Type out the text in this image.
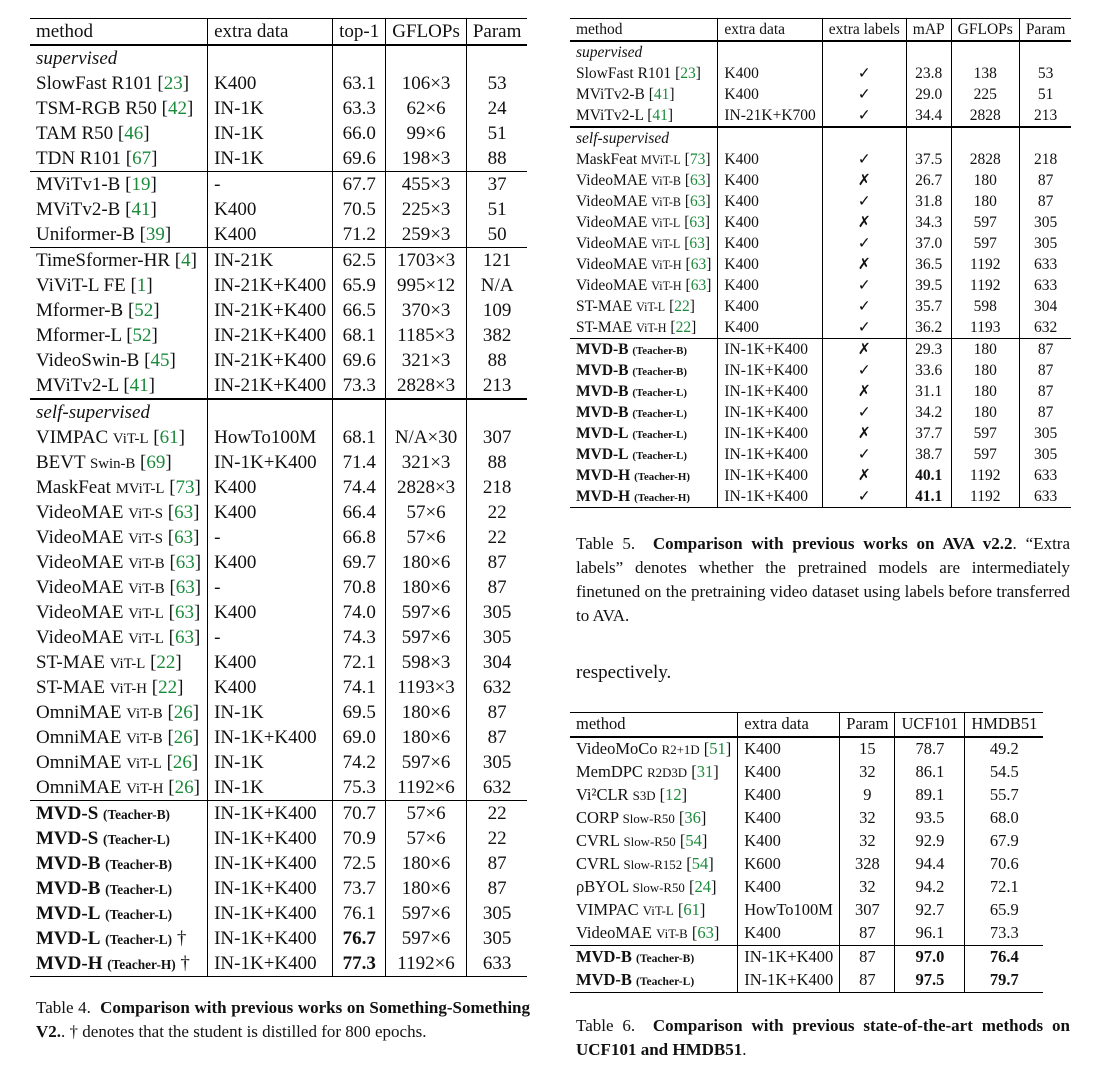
method	extra data	top-1	GFLOPs	Param
supervised				
SlowFast R101 [23]	K400	63.1	106×3	53
TSM-RGB R50 [42]	IN-1K	63.3	62×6	24
TAM R50 [46]	IN-1K	66.0	99×6	51
TDN R101 [67]	IN-1K	69.6	198×3	88
MViTv1-B [19]	-	67.7	455×3	37
MViTv2-B [41]	K400	70.5	225×3	51
Uniformer-B [39]	K400	71.2	259×3	50
TimeSformer-HR [4]	IN-21K	62.5	1703×3	121
ViViT-L FE [1]	IN-21K+K400	65.9	995×12	N/A
Mformer-B [52]	IN-21K+K400	66.5	370×3	109
Mformer-L [52]	IN-21K+K400	68.1	1185×3	382
VideoSwin-B [45]	IN-21K+K400	69.6	321×3	88
MViTv2-L [41]	IN-21K+K400	73.3	2828×3	213
self-supervised				
VIMPAC ViT-L [61]	HowTo100M	68.1	N/A×30	307
BEVT Swin-B [69]	IN-1K+K400	71.4	321×3	88
MaskFeat MViT-L [73]	K400	74.4	2828×3	218
VideoMAE ViT-S [63]	K400	66.4	57×6	22
VideoMAE ViT-S [63]	-	66.8	57×6	22
VideoMAE ViT-B [63]	K400	69.7	180×6	87
VideoMAE ViT-B [63]	-	70.8	180×6	87
VideoMAE ViT-L [63]	K400	74.0	597×6	305
VideoMAE ViT-L [63]	-	74.3	597×6	305
ST-MAE ViT-L [22]	K400	72.1	598×3	304
ST-MAE ViT-H [22]	K400	74.1	1193×3	632
OmniMAE ViT-B [26]	IN-1K	69.5	180×6	87
OmniMAE ViT-B [26]	IN-1K+K400	69.0	180×6	87
OmniMAE ViT-L [26]	IN-1K	74.2	597×6	305
OmniMAE ViT-H [26]	IN-1K	75.3	1192×6	632
MVD-S (Teacher-B)	IN-1K+K400	70.7	57×6	22
MVD-S (Teacher-L)	IN-1K+K400	70.9	57×6	22
MVD-B (Teacher-B)	IN-1K+K400	72.5	180×6	87
MVD-B (Teacher-L)	IN-1K+K400	73.7	180×6	87
MVD-L (Teacher-L)	IN-1K+K400	76.1	597×6	305
MVD-L (Teacher-L) †	IN-1K+K400	76.7	597×6	305
MVD-H (Teacher-H) †	IN-1K+K400	77.3	1192×6	633
Table 4. Comparison with previous works on Something-Something V2.. † denotes that the student is distilled for 800 epochs.
method	extra data	extra labels	mAP	GFLOPs	Param
supervised					
SlowFast R101 [23]	K400	✓	23.8	138	53
MViTv2-B [41]	K400	✓	29.0	225	51
MViTv2-L [41]	IN-21K+K700	✓	34.4	2828	213
self-supervised					
MaskFeat MViT-L [73]	K400	✓	37.5	2828	218
VideoMAE ViT-B [63]	K400	✗	26.7	180	87
VideoMAE ViT-B [63]	K400	✓	31.8	180	87
VideoMAE ViT-L [63]	K400	✗	34.3	597	305
VideoMAE ViT-L [63]	K400	✓	37.0	597	305
VideoMAE ViT-H [63]	K400	✗	36.5	1192	633
VideoMAE ViT-H [63]	K400	✓	39.5	1192	633
ST-MAE ViT-L [22]	K400	✓	35.7	598	304
ST-MAE ViT-H [22]	K400	✓	36.2	1193	632
MVD-B (Teacher-B)	IN-1K+K400	✗	29.3	180	87
MVD-B (Teacher-B)	IN-1K+K400	✓	33.6	180	87
MVD-B (Teacher-L)	IN-1K+K400	✗	31.1	180	87
MVD-B (Teacher-L)	IN-1K+K400	✓	34.2	180	87
MVD-L (Teacher-L)	IN-1K+K400	✗	37.7	597	305
MVD-L (Teacher-L)	IN-1K+K400	✓	38.7	597	305
MVD-H (Teacher-H)	IN-1K+K400	✗	40.1	1192	633
MVD-H (Teacher-H)	IN-1K+K400	✓	41.1	1192	633
Table 5. Comparison with previous works on AVA v2.2. “Extra labels” denotes whether the pretrained models are intermediately finetuned on the pretraining video dataset using labels before transferred to AVA.
respectively.
method	extra data	Param	UCF101	HMDB51
VideoMoCo R2+1D [51]	K400	15	78.7	49.2
MemDPC R2D3D [31]	K400	32	86.1	54.5
Vi²CLR S3D [12]	K400	9	89.1	55.7
CORP Slow-R50 [36]	K400	32	93.5	68.0
CVRL Slow-R50 [54]	K400	32	92.9	67.9
CVRL Slow-R152 [54]	K600	328	94.4	70.6
ρBYOL Slow-R50 [24]	K400	32	94.2	72.1
VIMPAC ViT-L [61]	HowTo100M	307	92.7	65.9
VideoMAE ViT-B [63]	K400	87	96.1	73.3
MVD-B (Teacher-B)	IN-1K+K400	87	97.0	76.4
MVD-B (Teacher-L)	IN-1K+K400	87	97.5	79.7
Table 6. Comparison with previous state-of-the-art methods on UCF101 and HMDB51.
